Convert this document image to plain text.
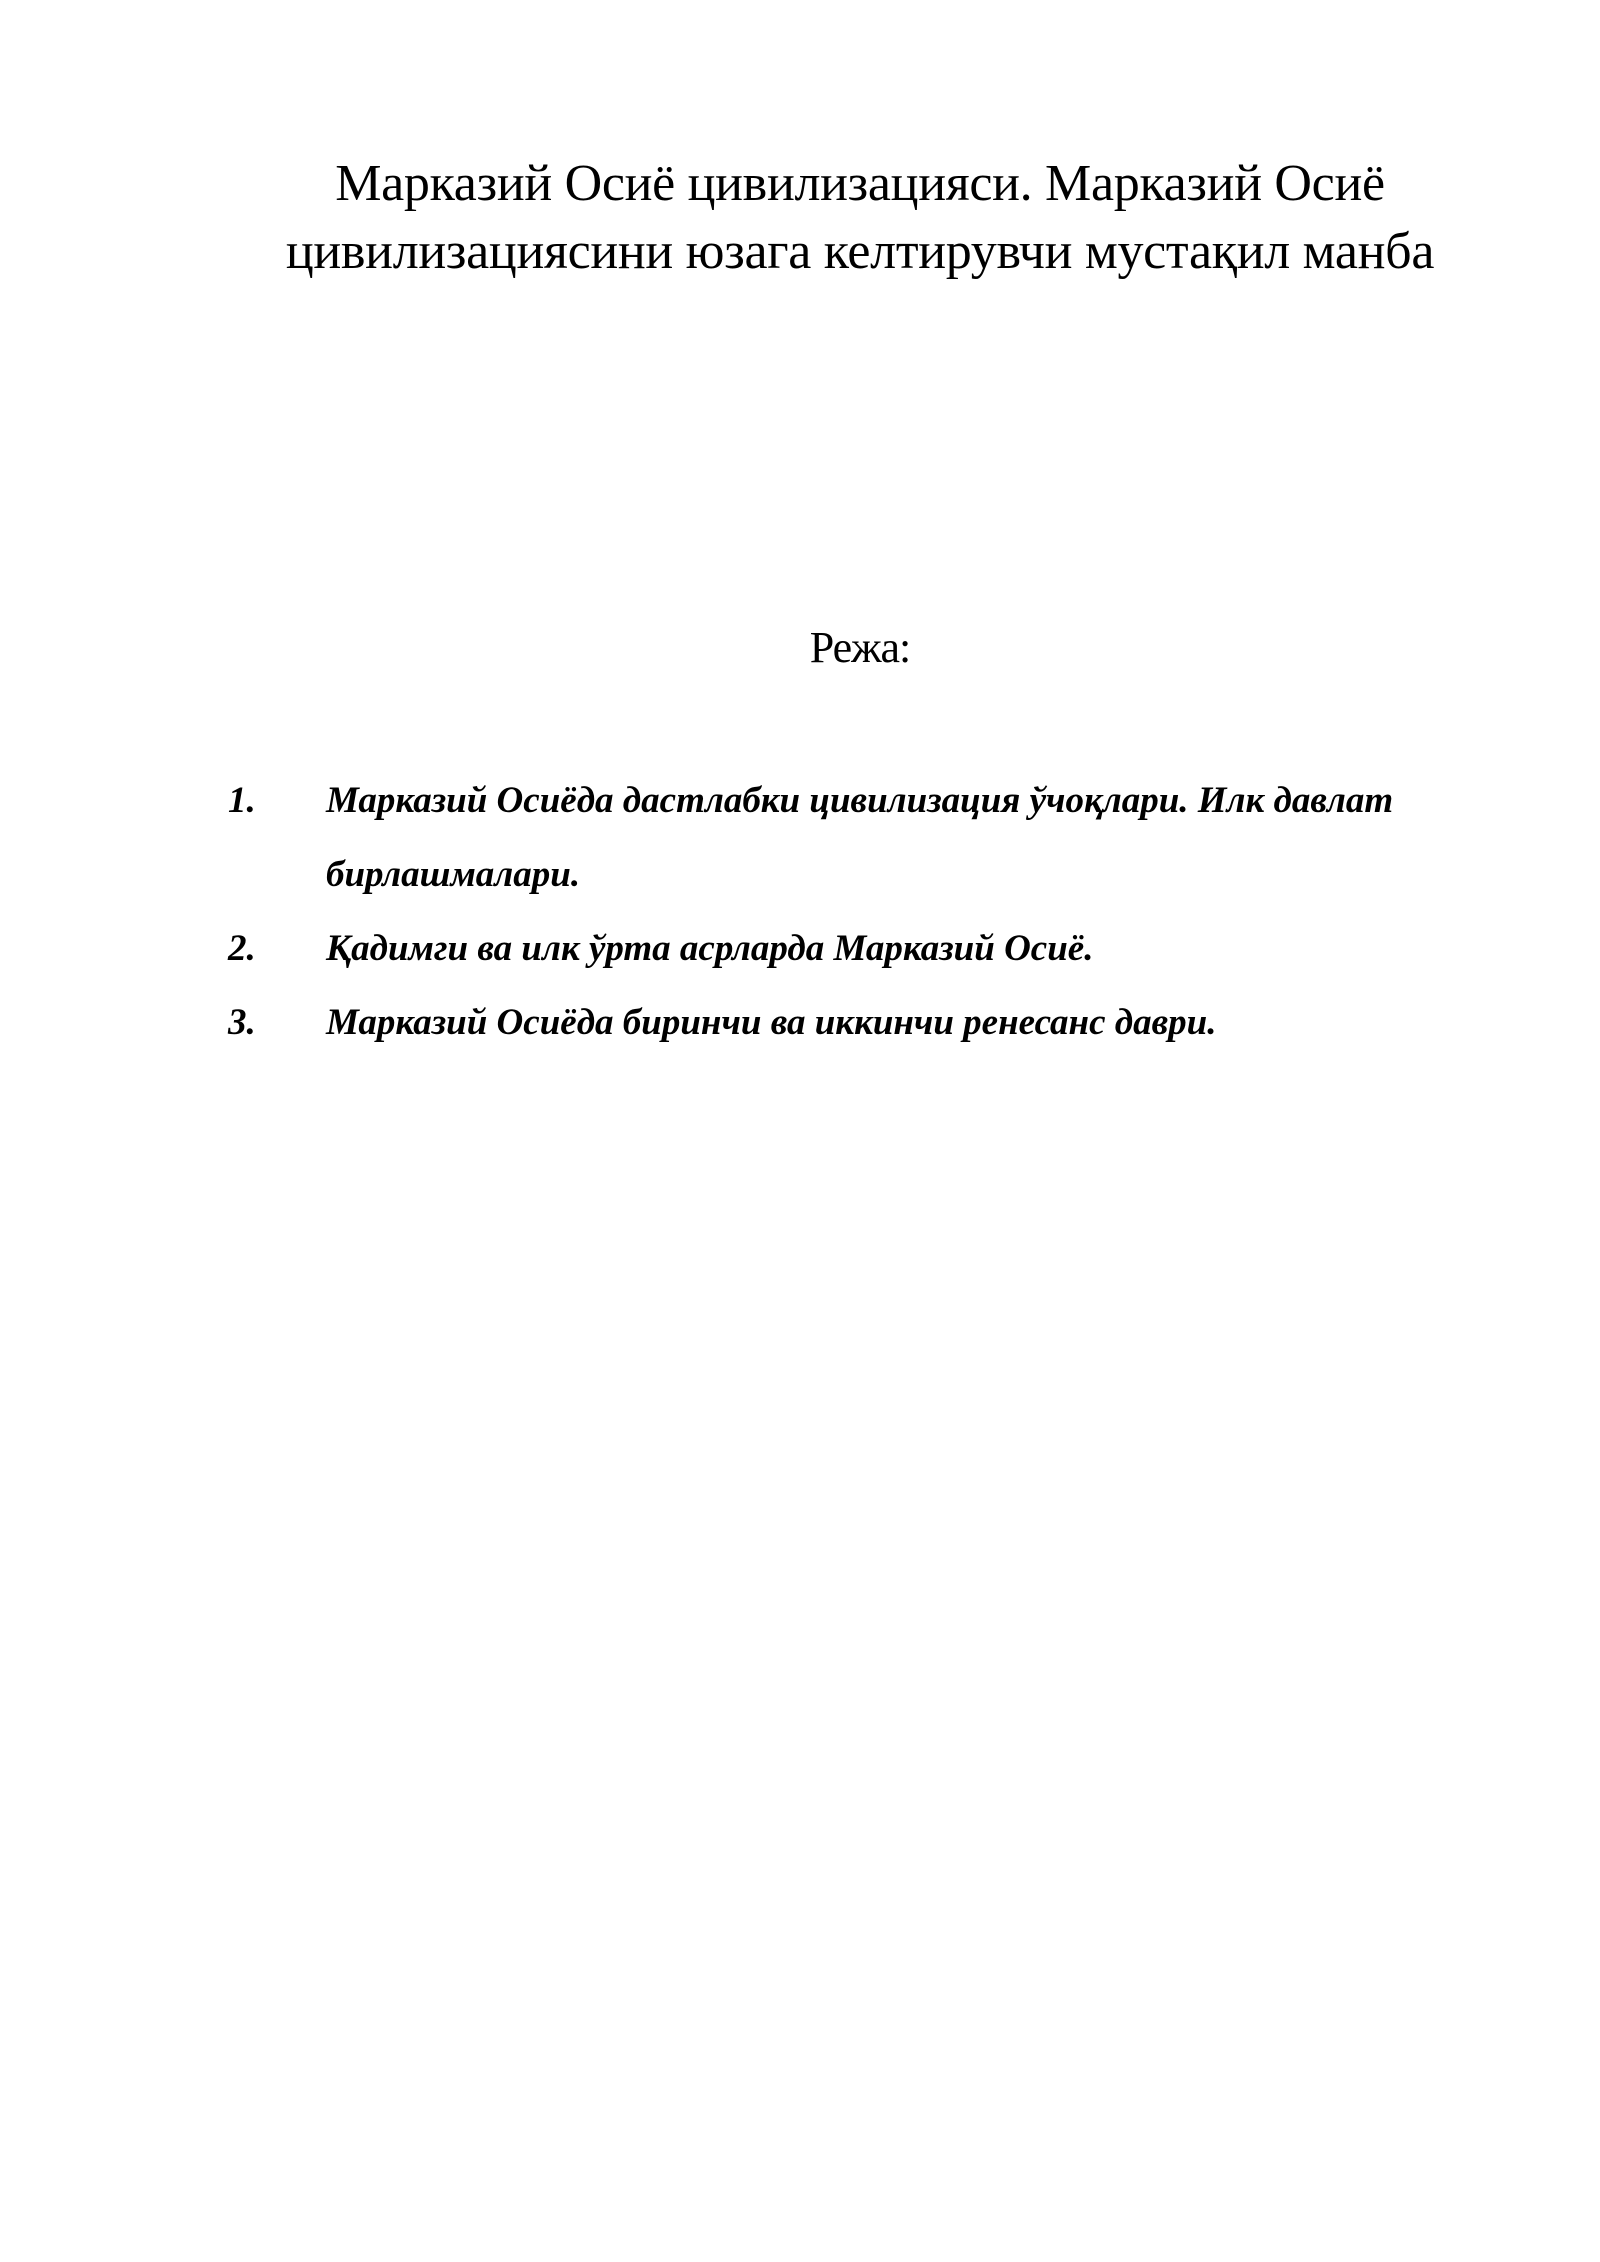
Марказий Осиё цивилизацияси. Марказий Осиё цивилизациясини юзага келтирувчи мустақил манба
Режа:
1. Марказий Осиёда дастлабки цивилизация ўчоқлари. Илк давлат бирлашмалари.
2. Қадимги ва илк ўрта асрларда Марказий Осиё.
3. Марказий Осиёда биринчи ва иккинчи ренесанс даври.
